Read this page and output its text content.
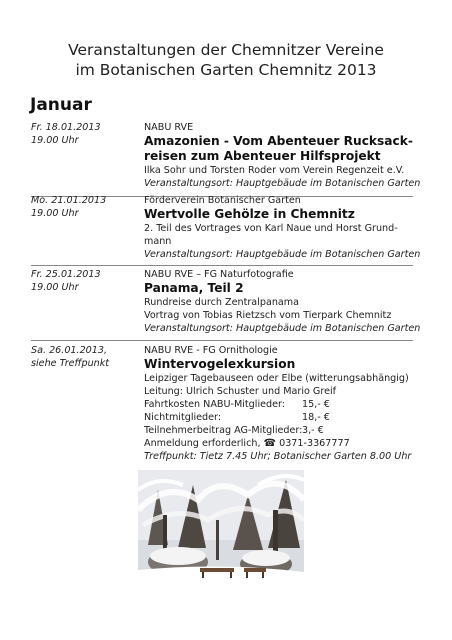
Veranstaltungen der Chemnitzer Vereine
im Botanischen Garten Chemnitz 2013
Januar
Fr. 18.01.2013
19.00 Uhr
NABU RVE
Amazonien - Vom Abenteuer Rucksack-
reisen zum Abenteuer Hilfsprojekt
Ilka Sohr und Torsten Roder vom Verein Regenzeit e.V.
Veranstaltungsort: Hauptgebäude im Botanischen Garten
Mo. 21.01.2013
19.00 Uhr
Förderverein Botanischer Garten
Wertvolle Gehölze in Chemnitz
2. Teil des Vortrages von Karl Naue und Horst Grund-
mann
Veranstaltungsort: Hauptgebäude im Botanischen Garten
Fr. 25.01.2013
19.00 Uhr
NABU RVE – FG Naturfotografie
Panama, Teil 2
Rundreise durch Zentralpanama
Vortrag von Tobias Rietzsch vom Tierpark Chemnitz
Veranstaltungsort: Hauptgebäude im Botanischen Garten
Sa. 26.01.2013,
siehe Treffpunkt
NABU RVE - FG Ornithologie
Wintervogelexkursion
Leipziger Tagebauseen oder Elbe (witterungsabhängig)
Leitung: Ulrich Schuster und Mario Greif
Fahrtkosten NABU-Mitglieder:	15,- €
Nichtmitglieder:	18,- €
Teilnehmerbeitrag AG-Mitglieder: 3,- €
Anmeldung erforderlich, ☎ 0371-3367777
Treffpunkt: Tietz 7.45 Uhr; Botanischer Garten 8.00 Uhr
